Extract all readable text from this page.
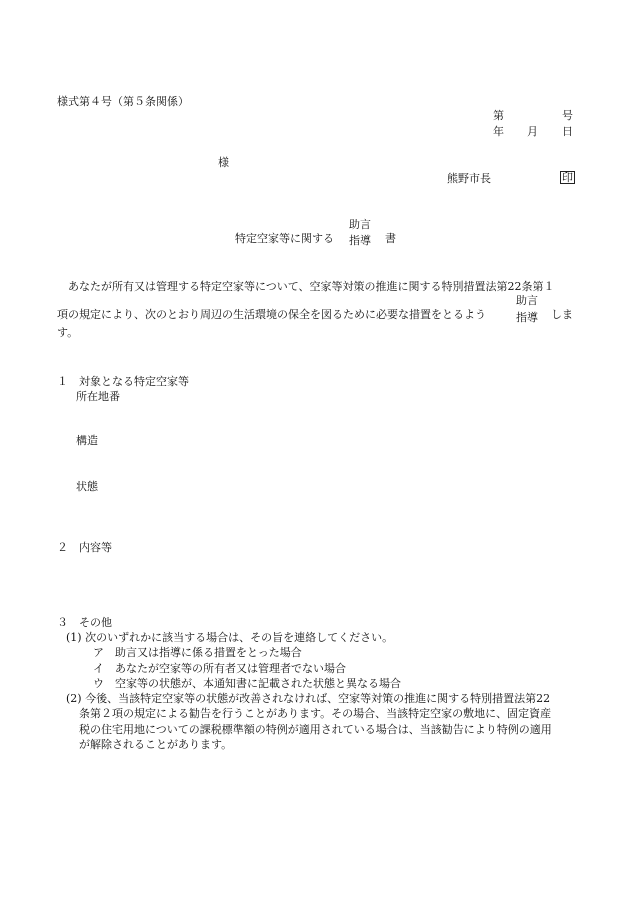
様式第４号（第５条関係）
第	号
年 月 日
様
熊野市長	印
特定空家等に関する
助言
指導 書
あなたが所有又は管理する特定空家等について、空家等対策の推進に関する特別措置法第22条第１
項の規定により、次のとおり周辺の生活環境の保全を図るために必要な措置をとるよう
助言
指導 しま
す。
１　対象となる特定空家等
所在地番
構造
状態
２　内容等
３　その他
(1) 次のいずれかに該当する場合は、その旨を連絡してください。
ア　助言又は指導に係る措置をとった場合
イ　あなたが空家等の所有者又は管理者でない場合
ウ　空家等の状態が、本通知書に記載された状態と異なる場合
(2) 今後、当該特定空家等の状態が改善されなければ、空家等対策の推進に関する特別措置法第22
条第２項の規定による勧告を行うことがあります。その場合、当該特定空家の敷地に、固定資産
税の住宅用地についての課税標準額の特例が適用されている場合は、当該勧告により特例の適用
が解除されることがあります。
